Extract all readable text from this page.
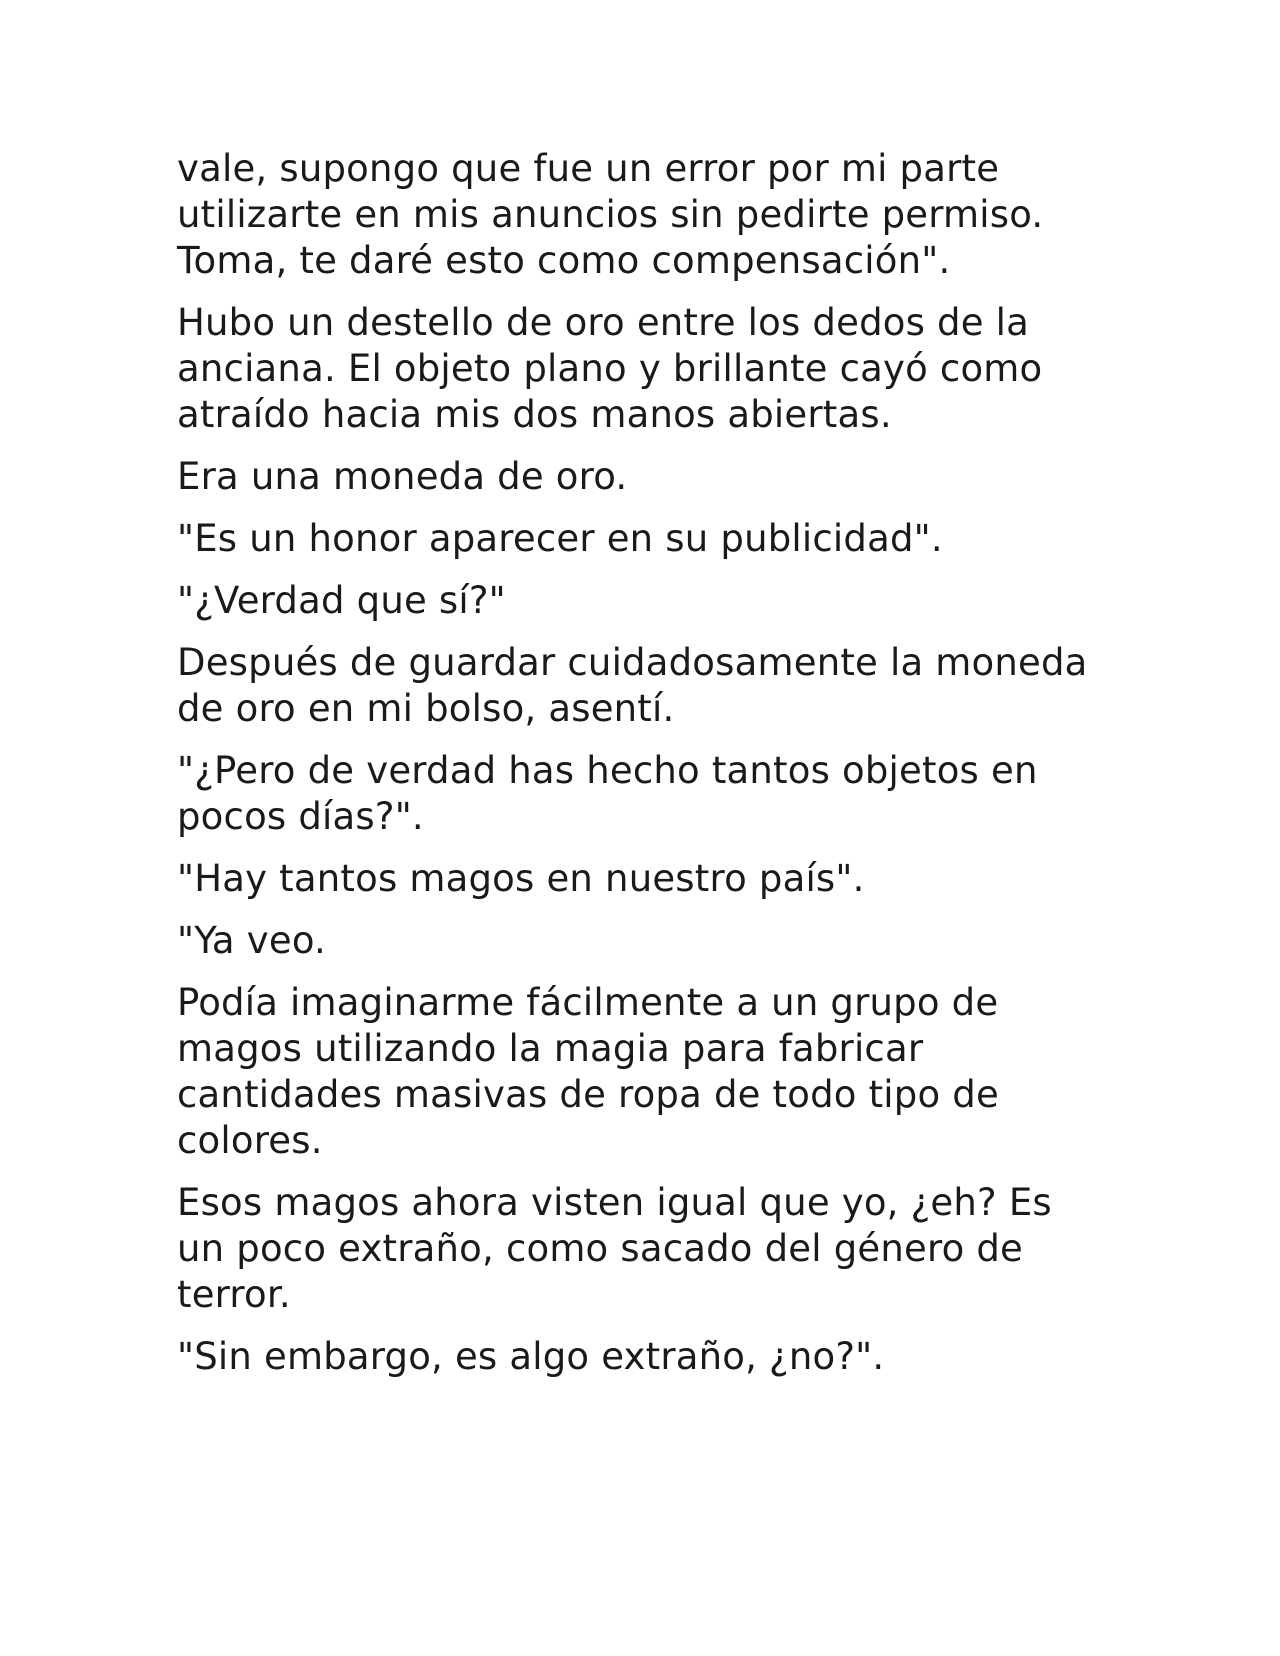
vale, supongo que fue un error por mi parte utilizarte en mis anuncios sin pedirte permiso. Toma, te daré esto como compensación".

Hubo un destello de oro entre los dedos de la anciana. El objeto plano y brillante cayó como atraído hacia mis dos manos abiertas.

Era una moneda de oro.

"Es un honor aparecer en su publicidad".

"¿Verdad que sí?"

Después de guardar cuidadosamente la moneda de oro en mi bolso, asentí.

"¿Pero de verdad has hecho tantos objetos en pocos días?".

"Hay tantos magos en nuestro país".

"Ya veo.

Podía imaginarme fácilmente a un grupo de magos utilizando la magia para fabricar cantidades masivas de ropa de todo tipo de colores.

Esos magos ahora visten igual que yo, ¿eh? Es un poco extraño, como sacado del género de terror.

"Sin embargo, es algo extraño, ¿no?".
